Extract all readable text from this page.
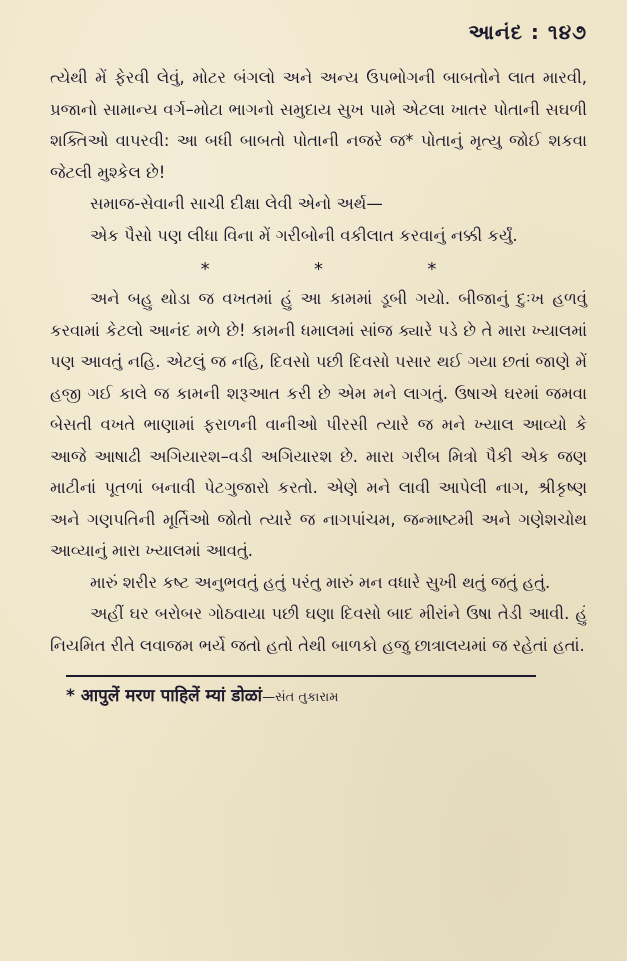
આનંદ : ૧૪૭

ત્યેથી મેં ફેરવી લેવું, મોટર બંગલો અને અન્ય ઉપભોગની બાબતોને લાત મારવી, પ્રજાનો સામાન્ય વર્ગ–મોટા ભાગનો સમુદાય સુખ પામે એટલા ખાતર પોતાની સઘળી શક્તિઓ વાપરવી: આ બધી બાબતો પોતાની નજરે જ* પોતાનું મૃત્યુ જોઈ શકવા જેટલી મુશ્કેલ છે!

સમાજ-સેવાની સાચી દીક્ષા લેવી એનો અર્થ—

એક પૈસો પણ લીધા વિના મેં ગરીબોની વકીલાત કરવાનું નક્કી કર્યું.

*	*	*

અને બહુ થોડા જ વખતમાં હું આ કામમાં ડૂબી ગયો. બીજાનું દુઃખ હળવું કરવામાં કેટલો આનંદ મળે છે! કામની ધમાલમાં સાંજ ક્યારે પડે છે તે મારા ખ્યાલમાં પણ આવતું નહિ. એટલું જ નહિ, દિવસો પછી દિવસો પસાર થઈ ગયા છતાં જાણે મેં હજી ગઈ કાલે જ કામની શરૂઆત કરી છે એમ મને લાગતું. ઉષાએ ઘરમાં જમવા બેસતી વખતે ભાણામાં ફરાળની વાનીઓ પીરસી ત્યારે જ મને ખ્યાલ આવ્યો કે આજે આષાઢી અગિયારશ–વડી અગિયારશ છે. મારા ગરીબ મિત્રો પૈકી એક જણ માટીનાં પૂતળાં બનાવી પેટગુજારો કરતો. એણે મને લાવી આપેલી નાગ, શ્રીકૃષ્ણ અને ગણપતિની મૂર્તિઓ જોતો ત્યારે જ નાગપાંચમ, જન્માષ્ટમી અને ગણેશચોથ આવ્યાનું મારા ખ્યાલમાં આવતું.

મારું શરીર કષ્ટ અનુભવતું હતું પરંતુ મારું મન વધારે સુખી થતું જતું હતું.

અહીં ઘર બરોબર ગોઠવાયા પછી ઘણા દિવસો બાદ મીરાંને ઉષા તેડી આવી. હું નિયમિત રીતે લવાજમ ભર્યે જતો હતો તેથી બાળકો હજુ છાત્રાલયમાં જ રહેતાં હતાં.

* आपुलें मरण पाहिलें म्यां डोळां—સંત તુકારામ
